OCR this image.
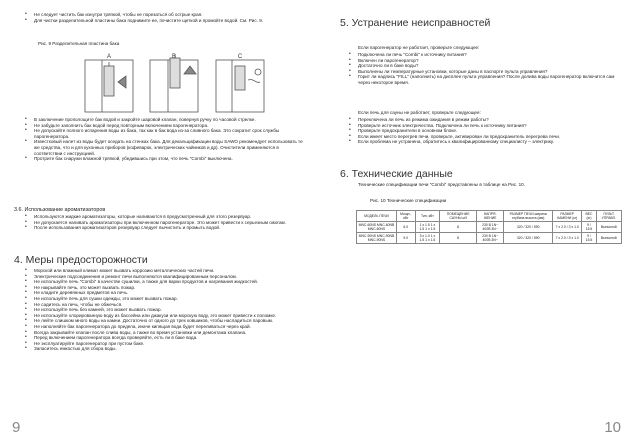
• Не следует чистить бак изнутри тряпкой, чтобы не порезаться об острые края.
• Для чистки разделительной пластины бака поднимите ее, почистите щеткой и промойте водой. См. Рис. 9.
Рис. 9 Разделительная пластина бака
A	B	C
• В заключение прополощите бак водой и закройте шаровой клапан, повернув ручку по часовой стрелке.
• Не забудьте заполнить бак водой перед повторным включением парогенератора.
• Не допускайте полного испарения воды из бака, так как в бак вода из-за сливного бака. Это сократит срок службы парогенератора.
• Известковый налет из воды будет оседать на стенках бака. Для декальцификации воды SAWO рекомендует использовать те же средства, что и для кухонных приборов (кофеварок, электрических чайников и др). Очистители применяются в соответствии с инструкцией.
• Протрите бак снаружи влажной тряпкой, убедившись при этом, что печь "Combi" выключена.
3.6. Использование ароматизаторов
• Используются жидкие ароматизаторы, которые наливаются в предусмотренный для этого резервуар.
• Не допускается наливать ароматизаторы при включенном парогенераторе. Это может привести к серьезным ожогам.
• После использования ароматизаторов резервуар следует вычистить и промыть водой.
4. Меры предосторожности
• Морской или влажный климат может вызвать коррозию металлических частей печи.
• Электрические подсоединения и ремонт печи выполняются квалифицированным персоналом.
• Не используйте печь "Combi" в качестве сушилки, а также для варки продуктов и нагревания жидкостей.
• Не накрывайте печь, это может вызвать пожар.
• Не кладите деревянных предметов на печь.
• Не используйте печь для сушки одежды, это может вызвать пожар.
• Не садитесь на печь, чтобы не обжечься.
• Не используйте печь без камней, это может вызвать пожар.
• Не используйте хлорированную воду из бассейна или джакузи или морскую воду, это может привести к поломке.
• Не лейте слишком много воды на камни. Достаточно от одного до трех ковшиков, чтобы насладиться паровым.
• Не наполняйте бак парогенератора до предела, иначе кипящая вода будет переливаться через край.
• Всегда закрывайте клапан после слива воды, а также во время установки или демонтажа клапана.
• Перед включением парогенератора всегда проверяйте, есть ли в баке вода.
• Не эксплуатируйте парогенератор при пустом баке.
• Запаситесь емкостью для сбора воды.
9
5. Устранение неисправностей
Если парогенератор не работает, проверьте следующее:
• Подключена ли печь "Combi" к источнику питания?
• Включен ли парогенератор?
• Достаточно ли в баке воды?
• Выполнены ли температурные установки, которые даны в паспорте пульта управления?
• Горит ли надпись "FILL" (наполнить) на дисплее пульта управления? После долива воды парогенератор включится сам через некоторое время.
Если печь для сауны не работает, проверьте следующее:
• Переключена ли печь из режима ожидания в режим работы?
• Проверьте источник электричества. Подключена ли печь к источнику питания?
• Проверьте предохранители в основном блоке.
• Если имеет место перегрев печи, проверьте, активирован ли предохранитель перегрева печи.
• Если проблема не устранена, обратитесь к квалифицированному специалисту – электрику.
6. Технические данные
Технические спецификации печи "Combi" представлены в таблице на Рис. 10.
Рис. 10 Технические спецификации
МОДЕЛЬ ПЕЧИ	Мощн., кВт	Тип, кВт	ПОМЕЩЕНИЕ САУНЫ м3	НАПРЯ-ЖЕНИЕ	РАЗМЕР ПЕЧИ ширина глубина высота (мм)	РАЗМЕР КАМЕНИ (кг)	ВЕС (кг)	ПУЛЬТ УПРАВЛ.
MNC-60NS MNC-60NB MNC-60NS	6.0	1 x 1.5 1 x 1.5 1 x 1.5	8	230 В 1N~ 400В 3N~	320 / 320 / 590	7 x 2.0 / 3 x 1.0	9 / 15.5	Выносной
MNC-90NS MNC-90NB MNC-90NS	9.0	3 x 1.0 1 x 1.5 1 x 1.5	8	230 В 1N~ 400В 3N~	320 / 320 / 590	7 x 2.0 / 3 x 1.0	9 / 15.5	Выносной
10
